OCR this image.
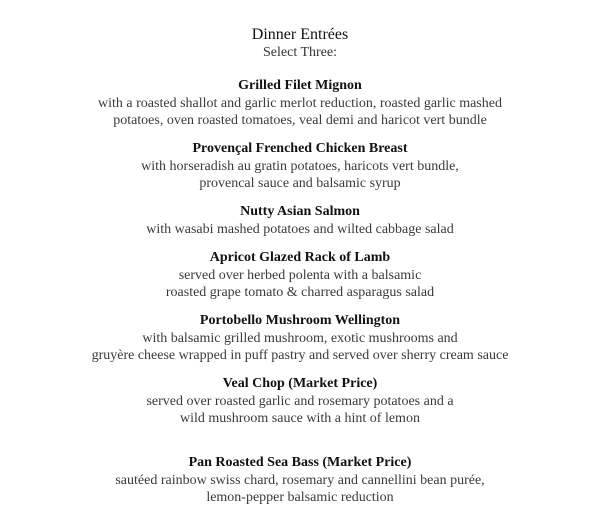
Dinner Entrées
Select Three:
Grilled Filet Mignon
with a roasted shallot and garlic merlot reduction, roasted garlic mashed
potatoes, oven roasted tomatoes, veal demi and haricot vert bundle
Provençal Frenched Chicken Breast
with horseradish au gratin potatoes, haricots vert bundle,
provencal sauce and balsamic syrup
Nutty Asian Salmon
with wasabi mashed potatoes and wilted cabbage salad
Apricot Glazed Rack of Lamb
served over herbed polenta with a balsamic
roasted grape tomato & charred asparagus salad
Portobello Mushroom Wellington
with balsamic grilled mushroom, exotic mushrooms and
gruyère cheese wrapped in puff pastry and served over sherry cream sauce
Veal Chop (Market Price)
served over roasted garlic and rosemary potatoes and a
wild mushroom sauce with a hint of lemon
Pan Roasted Sea Bass (Market Price)
sautéed rainbow swiss chard, rosemary and cannellini bean purée,
lemon-pepper balsamic reduction
